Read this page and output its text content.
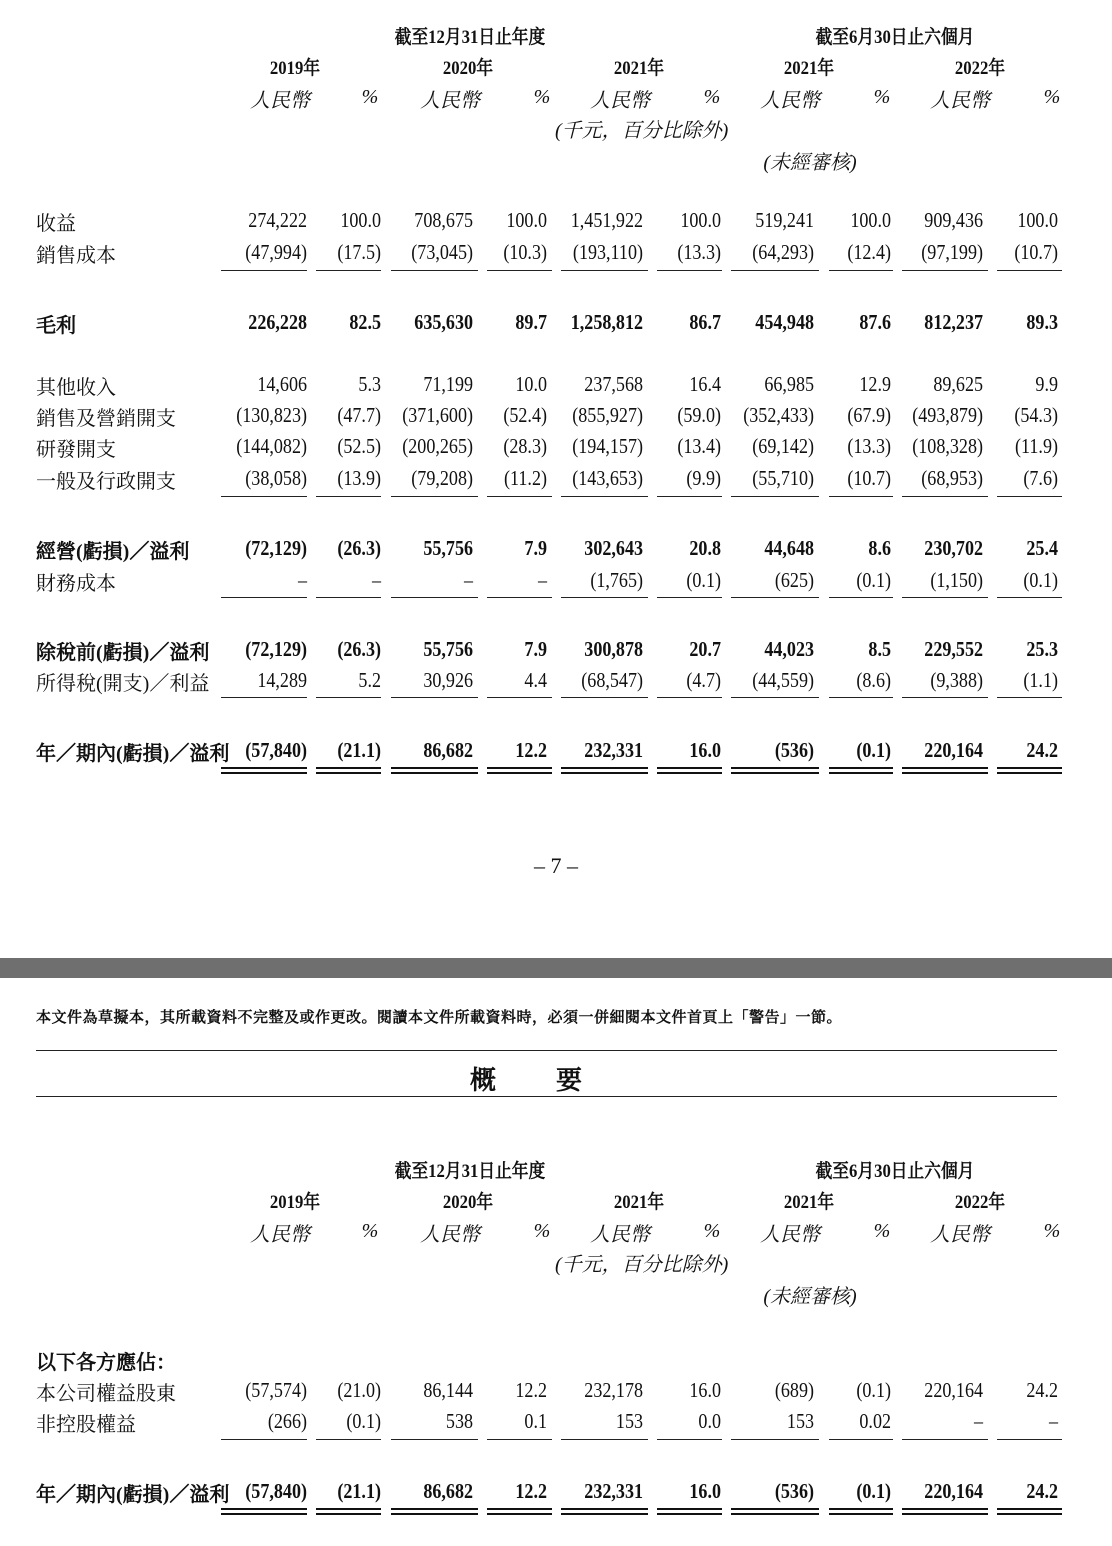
截至12月31日止年度	截至6月30日止六個月
2019年	2020年	2021年	2021年	2022年
人民幣	%	人民幣	%	人民幣	%	人民幣	%	人民幣	%
(千元，百分比除外)
(未經審核)
收益	274,222	100.0	708,675	100.0	1,451,922	100.0	519,241	100.0	909,436	100.0
銷售成本	(47,994)	(17.5)	(73,045)	(10.3)	(193,110)	(13.3)	(64,293)	(12.4)	(97,199)	(10.7)
毛利	226,228	82.5	635,630	89.7	1,258,812	86.7	454,948	87.6	812,237	89.3
其他收入	14,606	5.3	71,199	10.0	237,568	16.4	66,985	12.9	89,625	9.9
銷售及營銷開支	(130,823)	(47.7)	(371,600)	(52.4)	(855,927)	(59.0)	(352,433)	(67.9)	(493,879)	(54.3)
研發開支	(144,082)	(52.5)	(200,265)	(28.3)	(194,157)	(13.4)	(69,142)	(13.3)	(108,328)	(11.9)
一般及行政開支	(38,058)	(13.9)	(79,208)	(11.2)	(143,653)	(9.9)	(55,710)	(10.7)	(68,953)	(7.6)
經營(虧損)／溢利	(72,129)	(26.3)	55,756	7.9	302,643	20.8	44,648	8.6	230,702	25.4
財務成本	–	–	–	–	(1,765)	(0.1)	(625)	(0.1)	(1,150)	(0.1)
除稅前(虧損)／溢利	(72,129)	(26.3)	55,756	7.9	300,878	20.7	44,023	8.5	229,552	25.3
所得稅(開支)／利益	14,289	5.2	30,926	4.4	(68,547)	(4.7)	(44,559)	(8.6)	(9,388)	(1.1)
年／期內(虧損)／溢利 (57,840)	(21.1)	86,682	12.2	232,331	16.0	(536)	(0.1)	220,164	24.2
– 7 –
本文件為草擬本，其所載資料不完整及或作更改。閱讀本文件所載資料時，必須一併細閱本文件首頁上「警告」一節。
概要
截至12月31日止年度	截至6月30日止六個月
2019年	2020年	2021年	2021年	2022年
人民幣	%	人民幣	%	人民幣	%	人民幣	%	人民幣	%
(千元，百分比除外)
(未經審核)
以下各方應佔：
本公司權益股東	(57,574)	(21.0)	86,144	12.2	232,178	16.0	(689)	(0.1)	220,164	24.2
非控股權益	(266)	(0.1)	538	0.1	153	0.0	153	0.02	–	–
年／期內(虧損)／溢利 (57,840)	(21.1)	86,682	12.2	232,331	16.0	(536)	(0.1)	220,164	24.2
